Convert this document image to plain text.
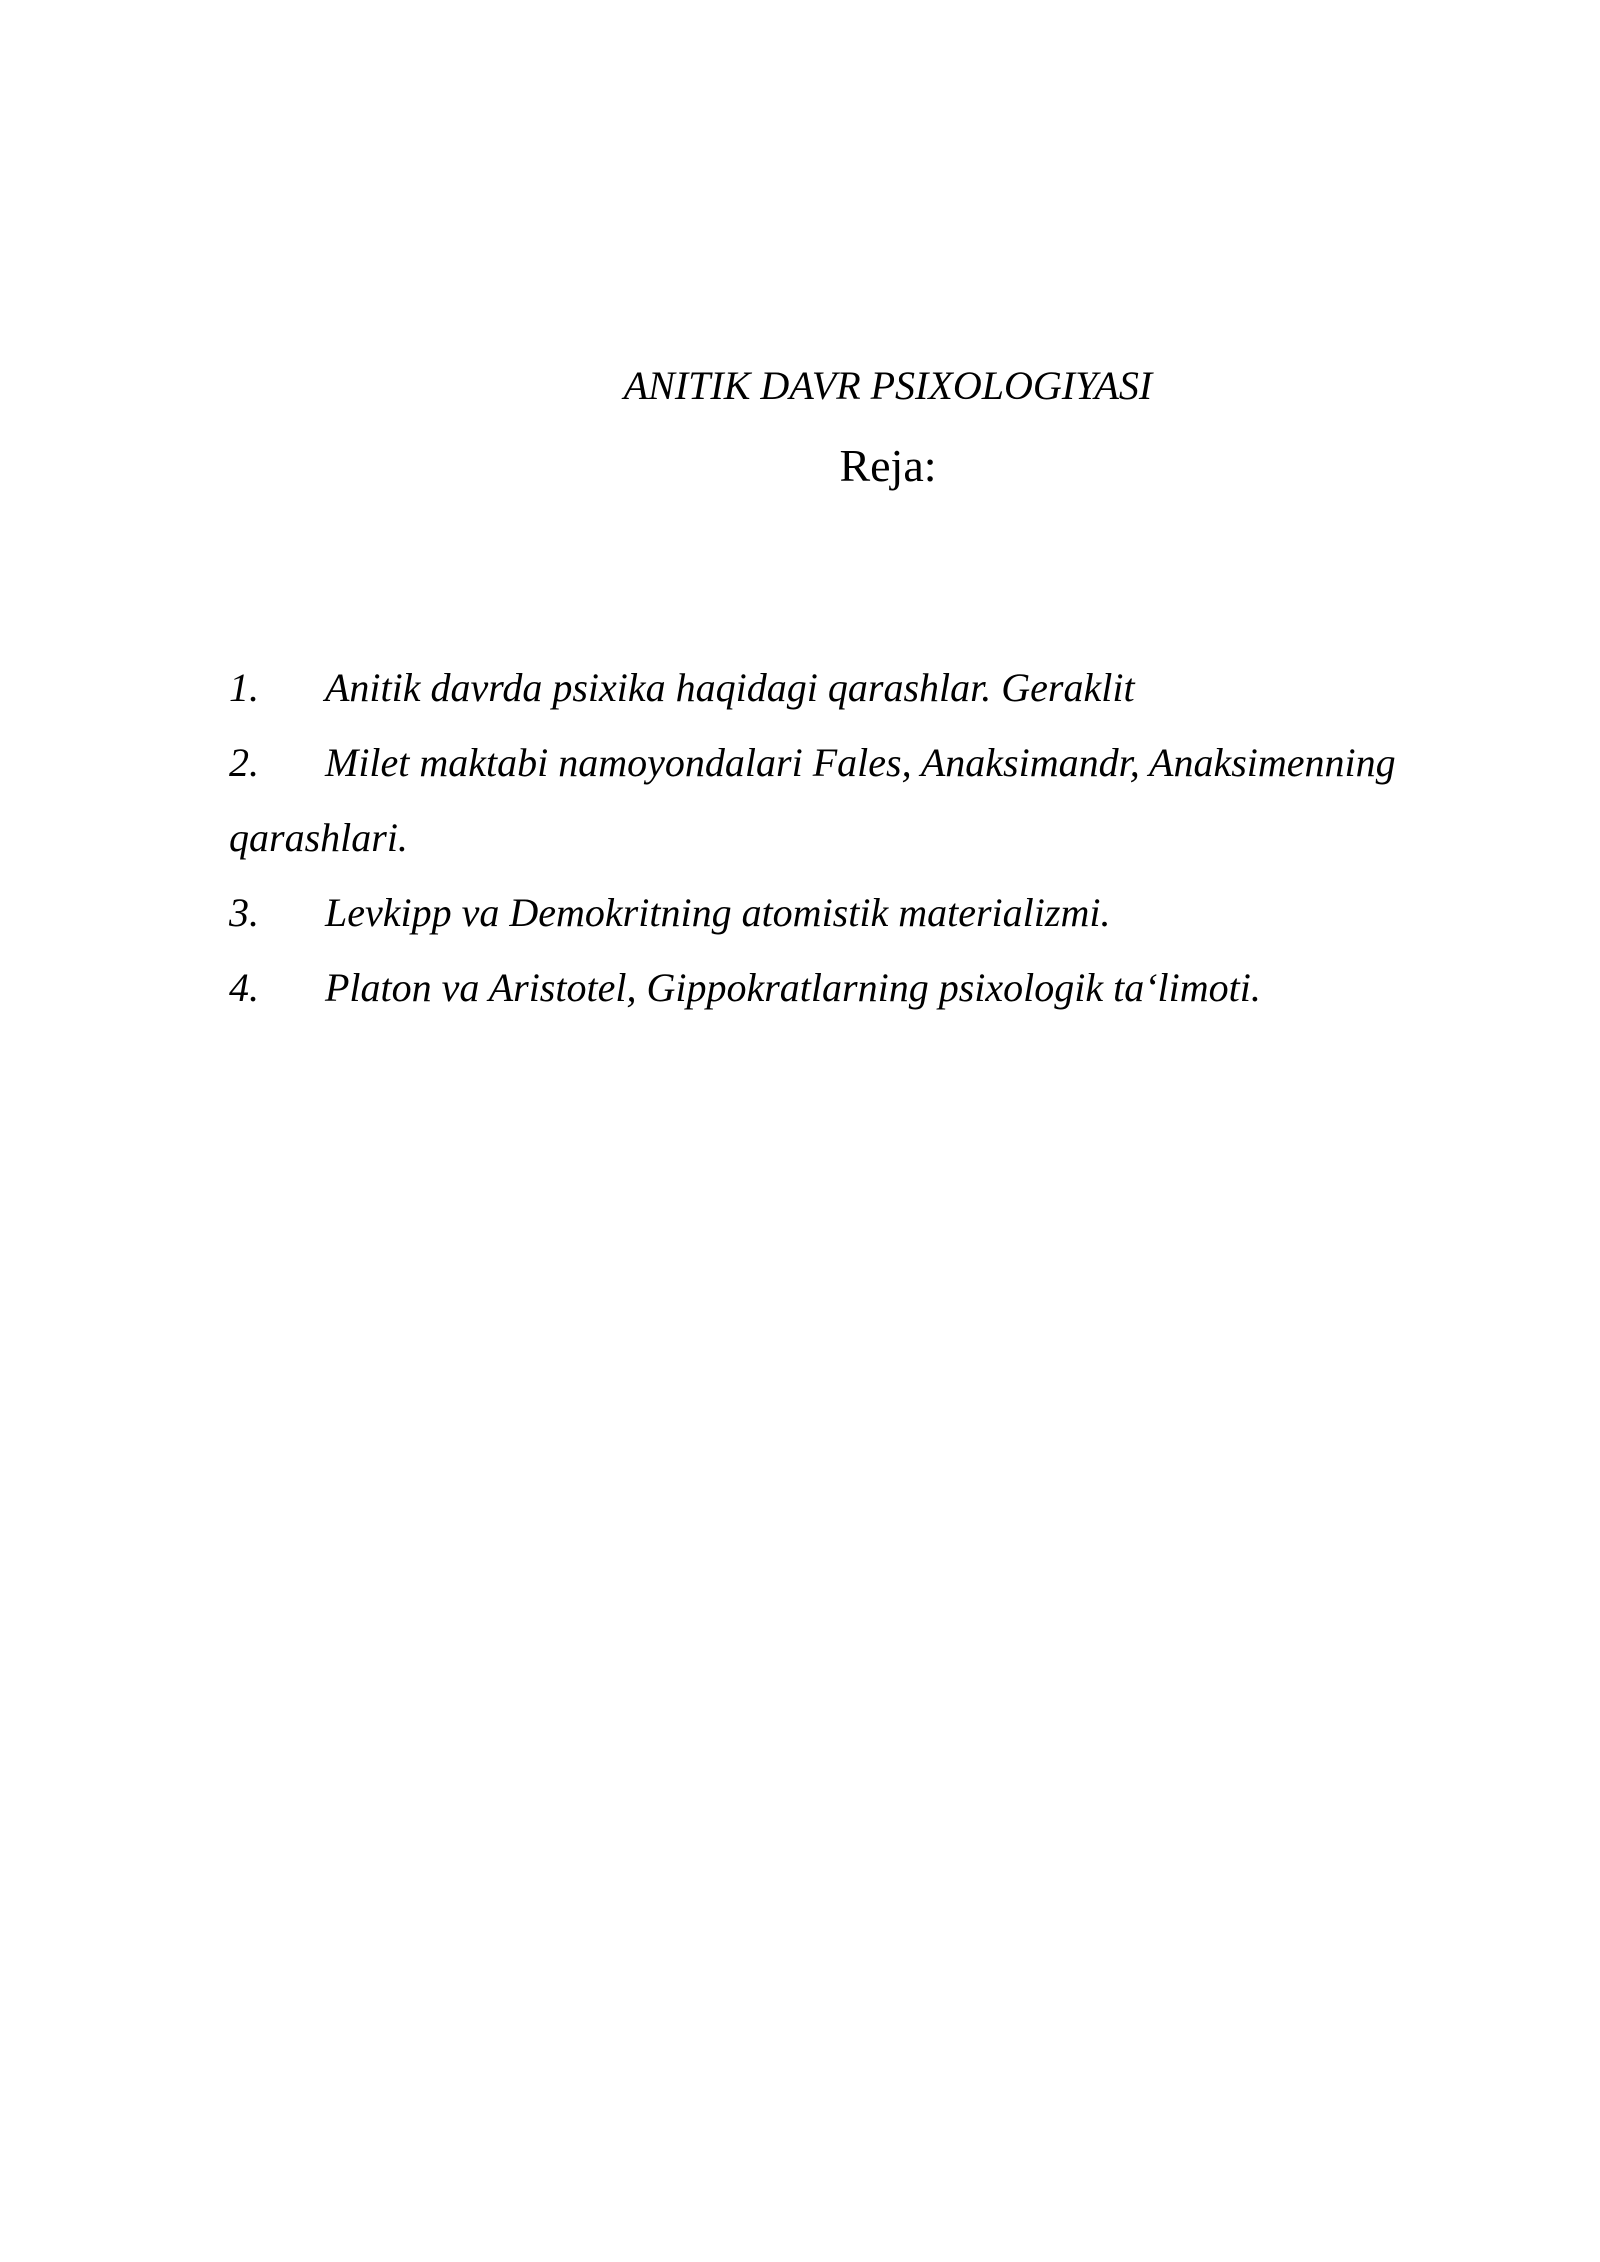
ANITIK DAVR PSIXOLOGIYASI
Reja:
1. Anitik davrda psixika haqidagi qarashlar. Geraklit
2. Milet maktabi namoyondalari Fales, Anaksimandr, Anaksimenning qarashlari.
3. Levkipp va Demokritning atomistik materializmi.
4. Platon va Aristotel, Gippokratlarning psixologik ta‘limoti.
